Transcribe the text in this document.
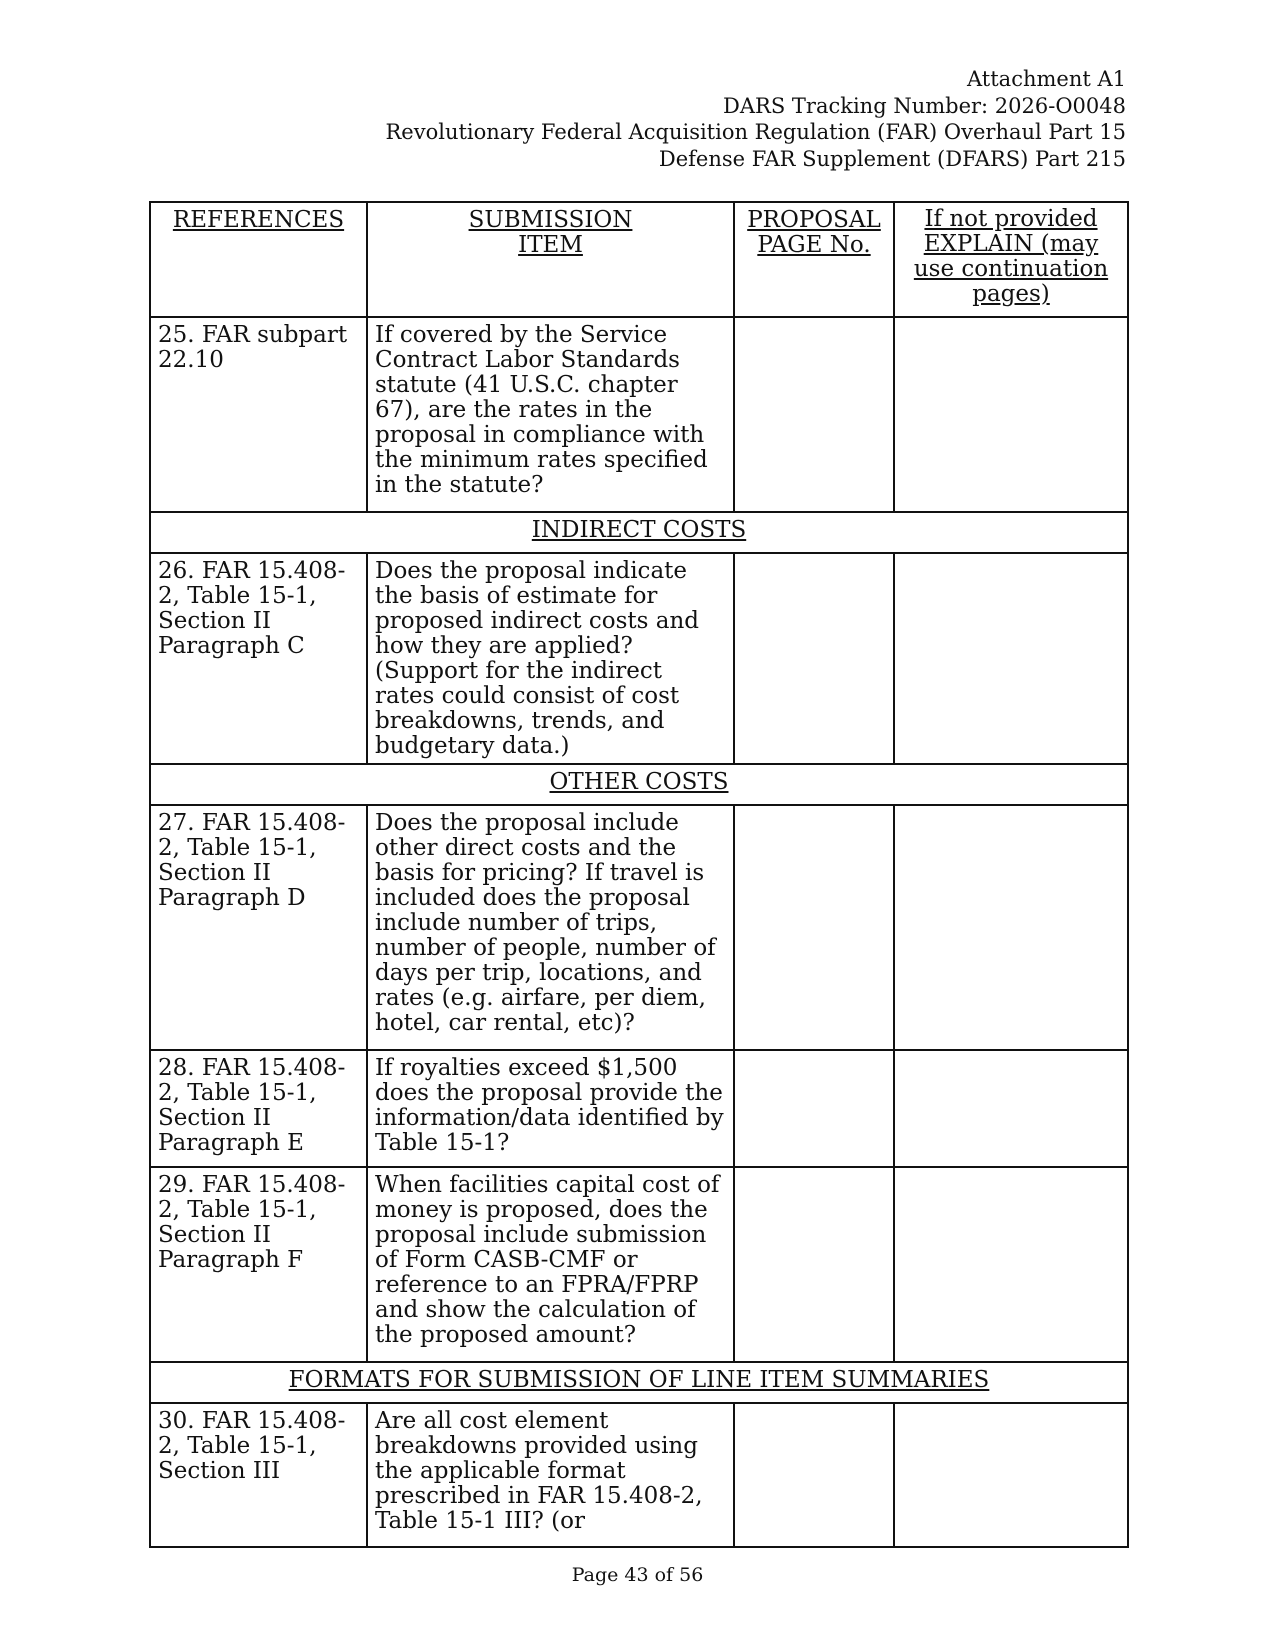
Attachment A1
DARS Tracking Number: 2026-O0048
Revolutionary Federal Acquisition Regulation (FAR) Overhaul Part 15
Defense FAR Supplement (DFARS) Part 215
REFERENCES	SUBMISSION ITEM	PROPOSAL PAGE No.	If not provided EXPLAIN (may use continuation pages)
25. FAR subpart 22.10	If covered by the Service Contract Labor Standards statute (41 U.S.C. chapter 67), are the rates in the proposal in compliance with the minimum rates specified in the statute?		
INDIRECT COSTS			
26. FAR 15.408-2, Table 15-1, Section II Paragraph C	Does the proposal indicate the basis of estimate for proposed indirect costs and how they are applied? (Support for the indirect rates could consist of cost breakdowns, trends, and budgetary data.)		
OTHER COSTS			
27. FAR 15.408-2, Table 15-1, Section II Paragraph D	Does the proposal include other direct costs and the basis for pricing? If travel is included does the proposal include number of trips, number of people, number of days per trip, locations, and rates (e.g. airfare, per diem, hotel, car rental, etc)?		
28. FAR 15.408-2, Table 15-1, Section II Paragraph E	If royalties exceed $1,500 does the proposal provide the information/data identified by Table 15-1?		
29. FAR 15.408-2, Table 15-1, Section II Paragraph F	When facilities capital cost of money is proposed, does the proposal include submission of Form CASB-CMF or reference to an FPRA/FPRP and show the calculation of the proposed amount?		
FORMATS FOR SUBMISSION OF LINE ITEM SUMMARIES			
30. FAR 15.408-2, Table 15-1, Section III	Are all cost element breakdowns provided using the applicable format prescribed in FAR 15.408-2, Table 15-1 III? (or		
Page 43 of 56
